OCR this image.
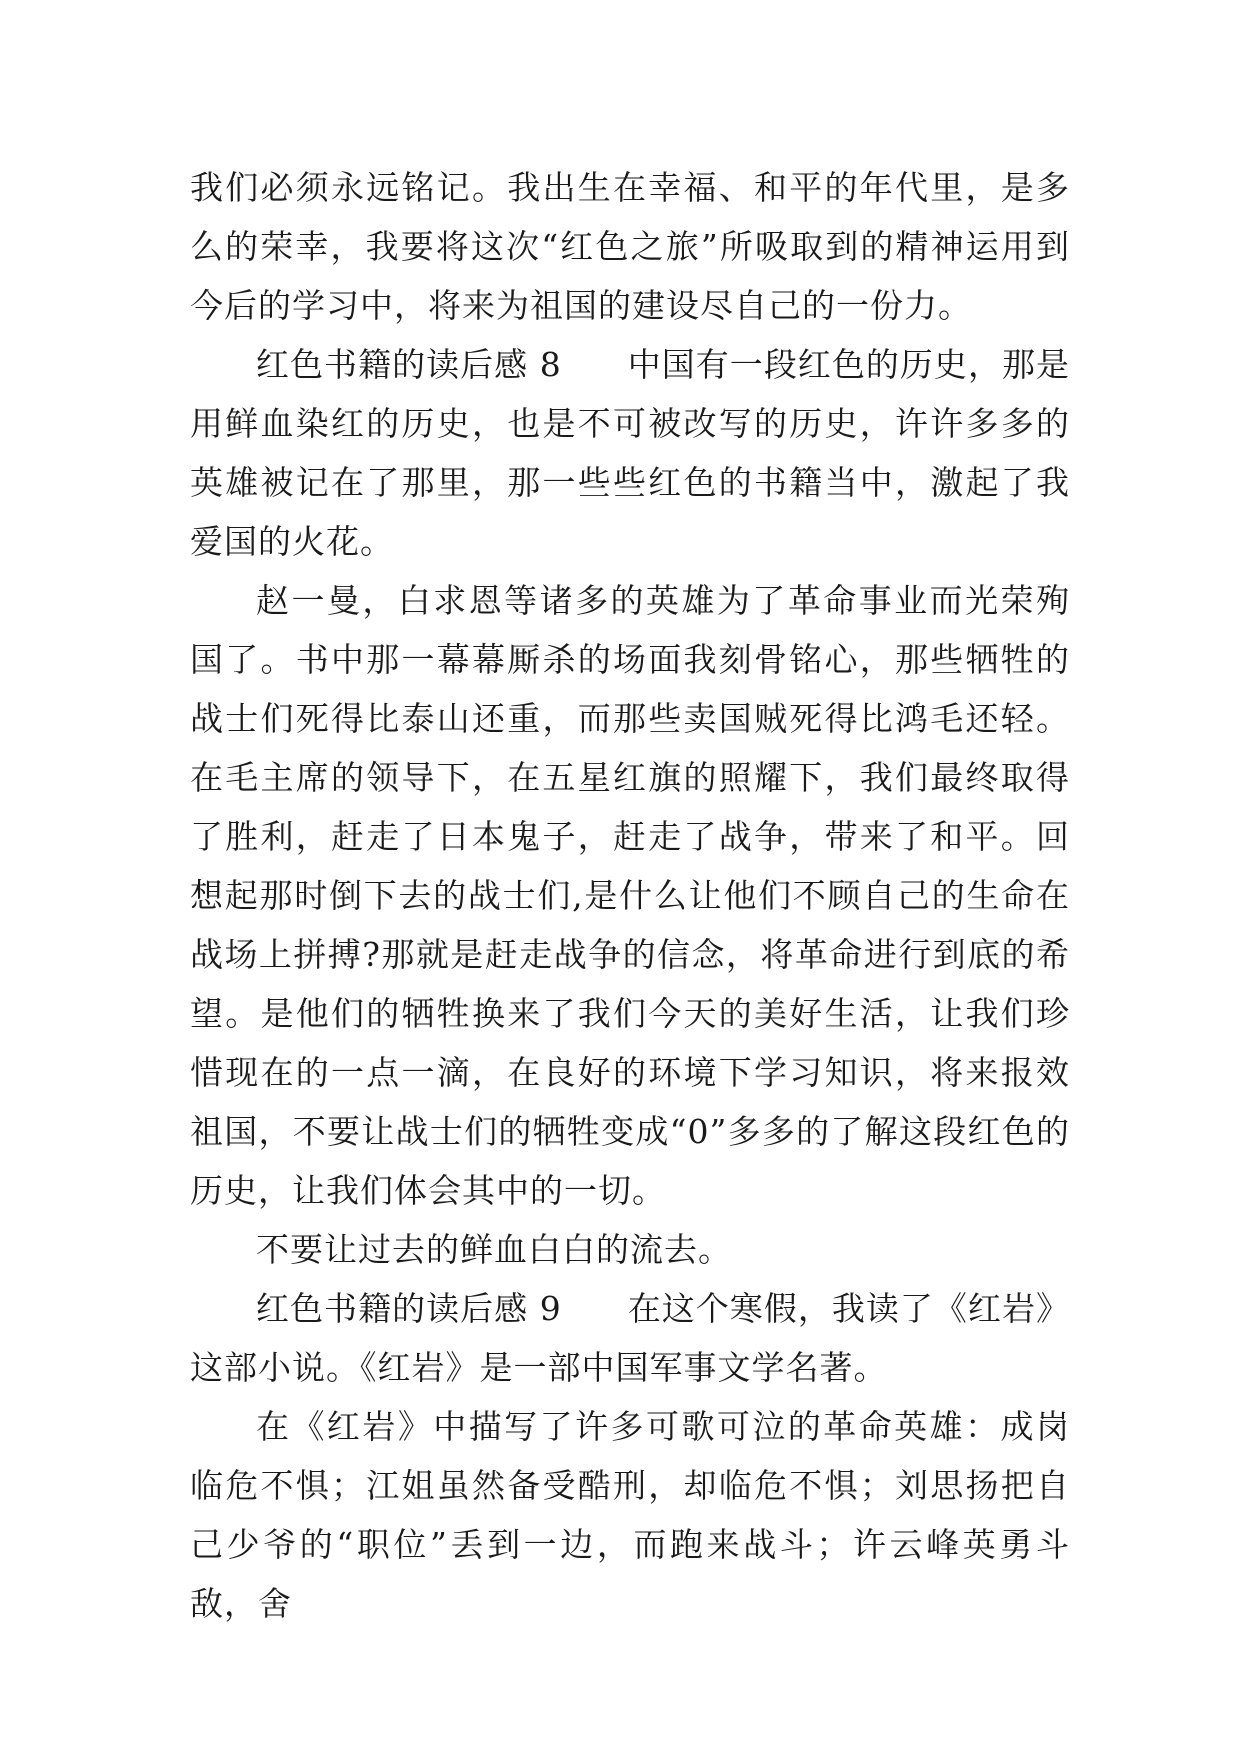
我们必须永远铭记。我出生在幸福、和平的年代里，是多么的荣幸，我要将这次“红色之旅”所吸取到的精神运用到今后的学习中，将来为祖国的建设尽自己的一份力。

红色书籍的读后感 8 中国有一段红色的历史，那是用鲜血染红的历史，也是不可被改写的历史，许许多多的英雄被记在了那里，那一些些红色的书籍当中，激起了我爱国的火花。

赵一曼，白求恩等诸多的英雄为了革命事业而光荣殉国了。书中那一幕幕厮杀的场面我刻骨铭心，那些牺牲的战士们死得比泰山还重，而那些卖国贼死得比鸿毛还轻。在毛主席的领导下，在五星红旗的照耀下，我们最终取得了胜利，赶走了日本鬼子，赶走了战争，带来了和平。回想起那时倒下去的战士们,是什么让他们不顾自己的生命在战场上拼搏?那就是赶走战争的信念，将革命进行到底的希望。是他们的牺牲换来了我们今天的美好生活，让我们珍惜现在的一点一滴，在良好的环境下学习知识，将来报效祖国，不要让战士们的牺牲变成“0”多多的了解这段红色的历史，让我们体会其中的一切。

不要让过去的鲜血白白的流去。

红色书籍的读后感 9 在这个寒假，我读了《红岩》这部小说。《红岩》是一部中国军事文学名著。

在《红岩》中描写了许多可歌可泣的革命英雄：成岗临危不惧；江姐虽然备受酷刑，却临危不惧；刘思扬把自己少爷的“职位”丢到一边，而跑来战斗；许云峰英勇斗敌，舍
